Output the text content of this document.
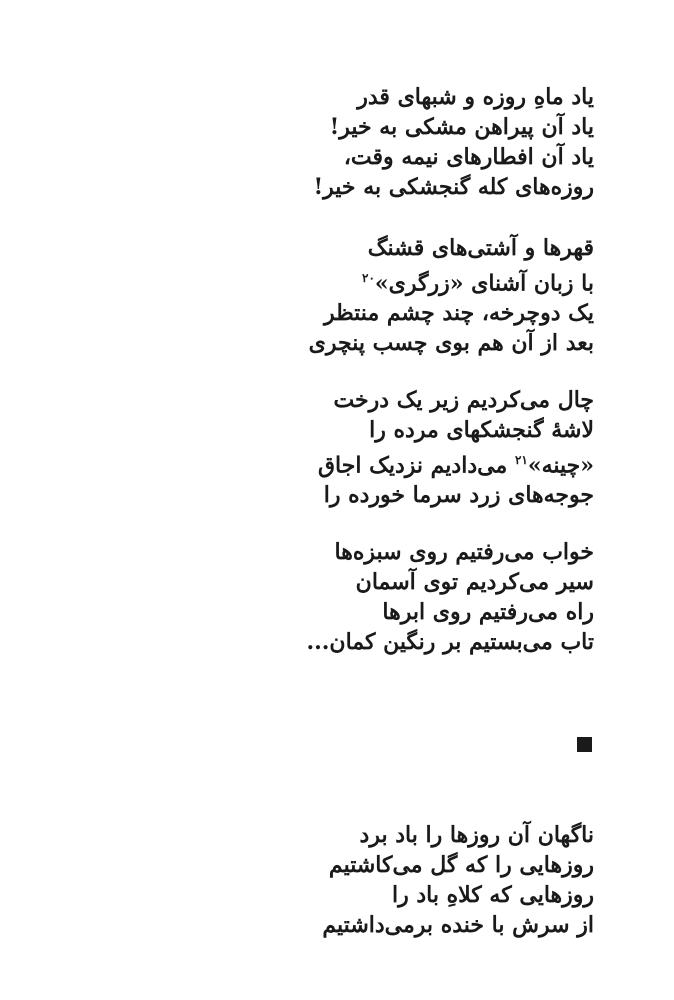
یاد ماهِ روزه و شبهای قدر
یاد آن پیراهن مشکی به خیر!
یاد آن افطارهای نیمه وقت،
روزه‌های کله گنجشکی به خیر!
قهرها و آشتی‌های قشنگ
با زبان آشنای «زرگری»$^{۲۰}$
یک دوچرخه، چند چشم منتظر
بعد از آن هم بوی چسب پنچری
چال می‌کردیم زیر یک درخت
لاشهٔ گنجشکهای مرده را
«چینه»$^{۲۱}$ می‌دادیم نزدیک اجاق
جوجه‌های زرد سرما خورده را
خواب می‌رفتیم روی سبزه‌ها
سیر می‌کردیم توی آسمان
راه می‌رفتیم روی ابرها
تاب می‌بستیم بر رنگین کمان...
ناگهان آن روزها را باد برد
روزهایی را که گل می‌کاشتیم
روزهایی که کلاهِ باد را
از سرش با خنده برمی‌داشتیم
